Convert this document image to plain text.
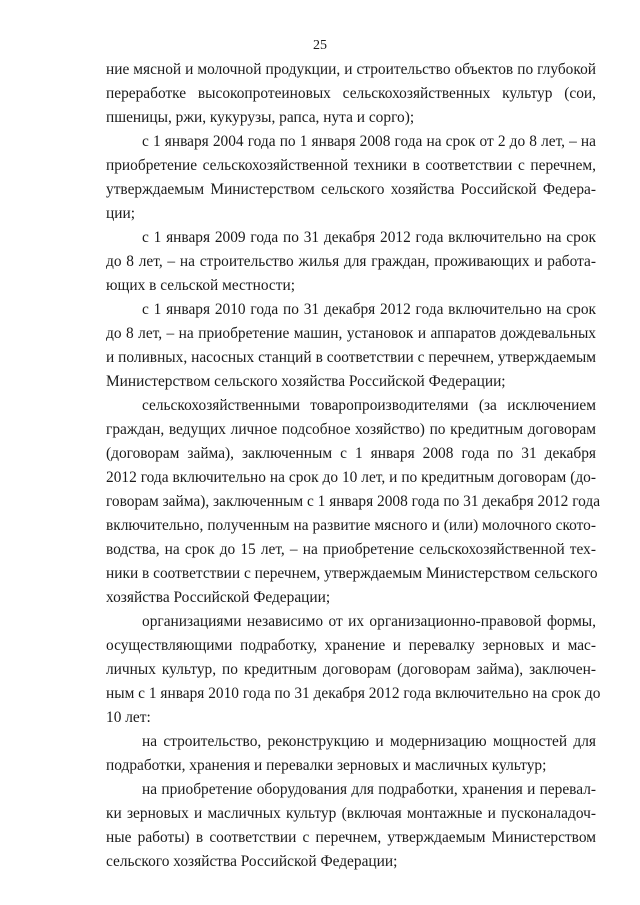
25
ние мясной и молочной продукции, и строительство объектов по глубокой
переработке высокопротеиновых сельскохозяйственных культур (сои,
пшеницы, ржи, кукурузы, рапса, нута и сорго);
с 1 января 2004 года по 1 января 2008 года на срок от 2 до 8 лет, – на
приобретение сельскохозяйственной техники в соответствии с перечнем,
утверждаемым Министерством сельского хозяйства Российской Федера-
ции;
с 1 января 2009 года по 31 декабря 2012 года включительно на срок
до 8 лет, – на строительство жилья для граждан, проживающих и работа-
ющих в сельской местности;
с 1 января 2010 года по 31 декабря 2012 года включительно на срок
до 8 лет, – на приобретение машин, установок и аппаратов дождевальных
и поливных, насосных станций в соответствии с перечнем, утверждаемым
Министерством сельского хозяйства Российской Федерации;
сельскохозяйственными товаропроизводителями (за исключением
граждан, ведущих личное подсобное хозяйство) по кредитным договорам
(договорам займа), заключенным с 1 января 2008 года по 31 декабря
2012 года включительно на срок до 10 лет, и по кредитным договорам (до-
говорам займа), заключенным с 1 января 2008 года по 31 декабря 2012 года
включительно, полученным на развитие мясного и (или) молочного ското-
водства, на срок до 15 лет, – на приобретение сельскохозяйственной тех-
ники в соответствии с перечнем, утверждаемым Министерством сельского
хозяйства Российской Федерации;
организациями независимо от их организационно-правовой формы,
осуществляющими подработку, хранение и перевалку зерновых и мас-
личных культур, по кредитным договорам (договорам займа), заключен-
ным с 1 января 2010 года по 31 декабря 2012 года включительно на срок до
10 лет:
на строительство, реконструкцию и модернизацию мощностей для
подработки, хранения и перевалки зерновых и масличных культур;
на приобретение оборудования для подработки, хранения и перевал-
ки зерновых и масличных культур (включая монтажные и пусконаладоч-
ные работы) в соответствии с перечнем, утверждаемым Министерством
сельского хозяйства Российской Федерации;
